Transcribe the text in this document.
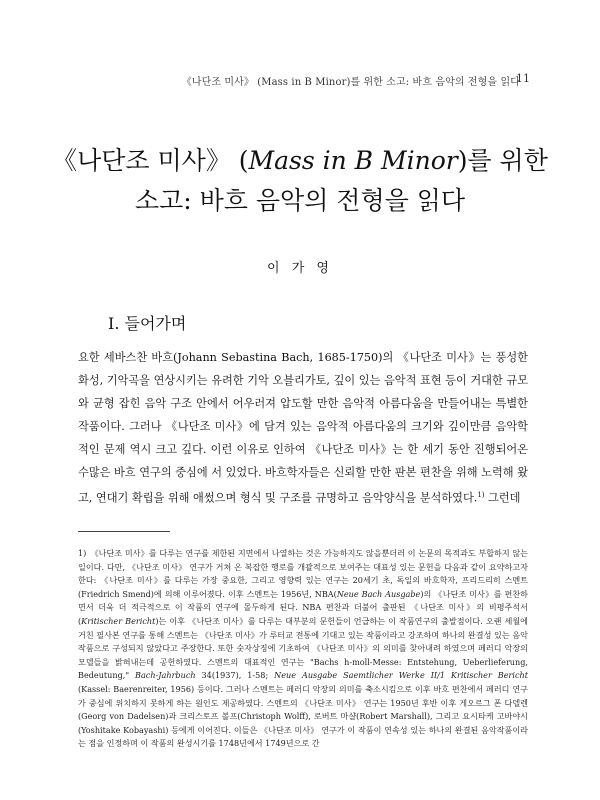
《나단조 미사》 (Mass in B Minor)를 위한 소고: 바흐 음악의 전형을 읽다
11
《나단조 미사》 (Mass in B Minor)를 위한
소고: 바흐 음악의 전형을 읽다
이 가 영
I. 들어가며

요한 세바스찬 바흐(Johann Sebastina Bach, 1685-1750)의 《나단조 미사》는 풍성한 화성, 기악곡을 연상시키는 유려한 기악 오블리가토, 깊이 있는 음악적 표현 등이 거대한 규모와 균형 잡힌 음악 구조 안에서 어우러져 압도할 만한 음악적 아름다움을 만들어내는 특별한 작품이다. 그러나 《나단조 미사》에 담겨 있는 음악적 아름다움의 크기와 깊이만큼 음악학적인 문제 역시 크고 깊다. 이런 이유로 인하여 《나단조 미사》는 한 세기 동안 진행되어온 수많은 바흐 연구의 중심에 서 있었다. 바흐학자들은 신뢰할 만한 판본 편찬을 위해 노력해 왔고, 연대기 확립을 위해 애썼으며 형식 및 구조를 규명하고 음악양식을 분석하였다.$^{1)}$ 그런데

1) 《나단조 미사》를 다루는 연구를 제한된 지면에서 나열하는 것은 가능하지도 않을뿐더러 이 논문의 목적과도 부합하지 않는 일이다. 다만, 《나단조 미사》 연구가 거쳐 온 복잡한 행로를 개괄적으로 보여주는 대표성 있는 문헌을 다음과 같이 요약하고자 한다: 《나단조 미사》를 다루는 가장 중요한, 그리고 영향력 있는 연구는 20세기 초, 독일의 바흐학자, 프리드리히 스멘트(Friedrich Smend)에 의해 이루어졌다. 이후 스멘트는 1956년, NBA(Neue Bach Ausgabe)의 《나단조 미사》를 편찬하면서 더욱 더 적극적으로 이 작품의 연구에 몰두하게 된다. NBA 편찬과 더불어 출판된 《나단조 미사》의 비평주석서(Kritischer Bericht)는 이후 《나단조 미사》를 다루는 대부분의 문헌들이 언급하는 이 작품연구의 출발점이다. 오랜 세월에 거친 필사본 연구를 통해 스멘트는 《나단조 미사》가 루터교 전통에 기대고 있는 작품이라고 강조하며 하나의 완결성 있는 음악작품으로 구성되지 않았다고 주장한다. 또한 숫자상징에 기초하여 《나단조 미사》의 의미를 찾아내려 하였으며 페러디 악장의 모델들을 밝혀내는데 공헌하였다. 스멘트의 대표적인 연구는 "Bachs h-moll-Messe: Entstehung, Ueberlieferung, Bedeutung," Bach-Jahrbuch 34(1937), 1-58; Neue Ausgabe Saemtlicher Werke II/1 Kritischer Bericht (Kassel: Baerenreiter, 1956) 등이다. 그러나 스멘트는 페러디 악장의 의미를 축소시킴으로 이후 바흐 편찬에서 페러디 연구가 중심에 위치하지 못하게 하는 원인도 제공하였다. 스멘트의 《나단조 미사》 연구는 1950년 후반 이후 게오르그 폰 다델렌(Georg von Dadelsen)과 크리스토프 볼프(Christoph Wolff), 로버트 마샬(Robert Marshall), 그리고 요시타케 고바야시(Yoshitake Kobayashi) 등에게 이어진다. 이들은 《나단조 미사》 연구가 이 작품이 연속성 있는 하나의 완결된 음악작품이라는 점을 인정하며 이 작품의 완성시기를 1748년에서 1749년으로 간
